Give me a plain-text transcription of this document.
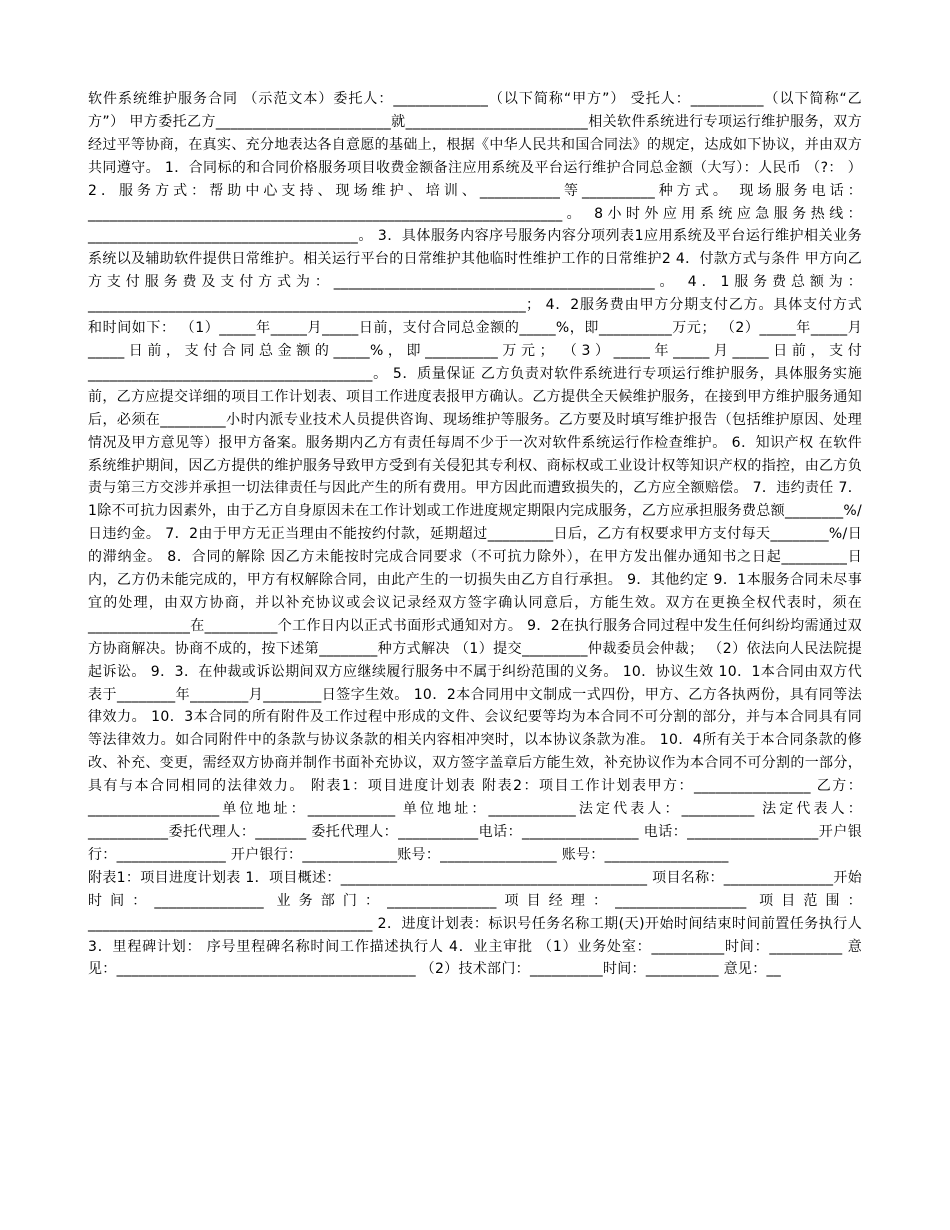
软件系统维护服务合同 （示范文本）委托人：_____________（以下简称“甲方”） 受托人：__________（以下简称“乙方”） 甲方委托乙方________________________就_________________________相关软件系统进行专项运行维护服务，双方经过平等协商，在真实、充分地表达各自意愿的基础上，根据《中华人民共和国合同法》的规定，达成如下协议，并由双方共同遵守。 1．合同标的和合同价格服务项目收费金额备注应用系统及平台运行维护合同总金额（大写）：人民币 （?： ） 2．服务方式：帮助中心支持、现场维护、培训、___________等__________种方式。 现场服务电话：_________________________________________________________________。 8小时外应用系统应急服务热线：_____________________________________。 3．具体服务内容序号服务内容分项列表1应用系统及平台运行维护相关业务系统以及辅助软件提供日常维护。相关运行平台的日常维护其他临时性维护工作的日常维护2 4．付款方式与条件 甲方向乙方支付服务费及支付方式为：____________________________________________。 4．1服务费总额为：____________________________________________________________； 4．2服务费由甲方分期支付乙方。具体支付方式和时间如下： （1）_____年_____月_____日前，支付合同总金额的_____%，即__________万元； （2）_____年_____月_____日前，支付合同总金额的_____%，即__________万元； （3）_____年_____月_____日前，支付_______________________________________。 5．质量保证 乙方负责对软件系统进行专项运行维护服务，具体服务实施前，乙方应提交详细的项目工作计划表、项目工作进度表报甲方确认。乙方提供全天候维护服务，在接到甲方维护服务通知后，必须在_________小时内派专业技术人员提供咨询、现场维护等服务。乙方要及时填写维护报告（包括维护原因、处理情况及甲方意见等）报甲方备案。服务期内乙方有责任每周不少于一次对软件系统运行作检查维护。 6．知识产权 在软件系统维护期间，因乙方提供的维护服务导致甲方受到有关侵犯其专利权、商标权或工业设计权等知识产权的指控，由乙方负责与第三方交涉并承担一切法律责任与因此产生的所有费用。甲方因此而遭致损失的，乙方应全额赔偿。 7．违约责任 7．1除不可抗力因素外，由于乙方自身原因未在工作计划或工作进度规定期限内完成服务，乙方应承担服务费总额________%/日违约金。 7．2由于甲方无正当理由不能按约付款，延期超过_________日后，乙方有权要求甲方支付每天________%/日的滞纳金。 8．合同的解除 因乙方未能按时完成合同要求（不可抗力除外），在甲方发出催办通知书之日起_________日内，乙方仍未能完成的，甲方有权解除合同，由此产生的一切损失由乙方自行承担。 9．其他约定 9．1本服务合同未尽事宜的处理，由双方协商，并以补充协议或会议记录经双方签字确认同意后，方能生效。双方在更换全权代表时，须在______________在__________个工作日内以正式书面形式通知对方。 9．2在执行服务合同过程中发生任何纠纷均需通过双方协商解决。协商不成的，按下述第________种方式解决 （1）提交_________仲裁委员会仲裁； （2）依法向人民法院提起诉讼。 9．3．在仲裁或诉讼期间双方应继续履行服务中不属于纠纷范围的义务。 10．协议生效 10．1本合同由双方代表于________年________月________日签字生效。 10．2本合同用中文制成一式四份，甲方、乙方各执两份，具有同等法律效力。 10．3本合同的所有附件及工作过程中形成的文件、会议纪要等均为本合同不可分割的部分，并与本合同具有同等法律效力。如合同附件中的条款与协议条款的相关内容相冲突时，以本协议条款为准。 10．4所有关于本合同条款的修改、补充、变更，需经双方协商并制作书面补充协议，双方签字盖章后方能生效，补充协议作为本合同不可分割的一部分，具有与本合同相同的法律效力。 附表1：项目进度计划表 附表2：项目工作计划表甲方：________________ 乙方：__________________单位地址：____________ 单位地址：____________法定代表人：__________ 法定代表人：___________委托代理人：_______ 委托代理人：___________电话：________________ 电话：__________________开户银行：_______________ 开户银行：_____________账号：________________ 账号：_________________

附表1：项目进度计划表 1．项目概述：__________________________________________ 项目名称：_______________开始时间：_______________ 业务部门：_______________项目经理：__________________ 项目范围：_______________________________________ 2．进度计划表：标识号任务名称工期(天)开始时间结束时间前置任务执行人 3．里程碑计划： 序号里程碑名称时间工作描述执行人 4．业主审批 （1）业务处室：__________时间：__________ 意见：_________________________________________ （2）技术部门：__________时间：__________ 意见：__
